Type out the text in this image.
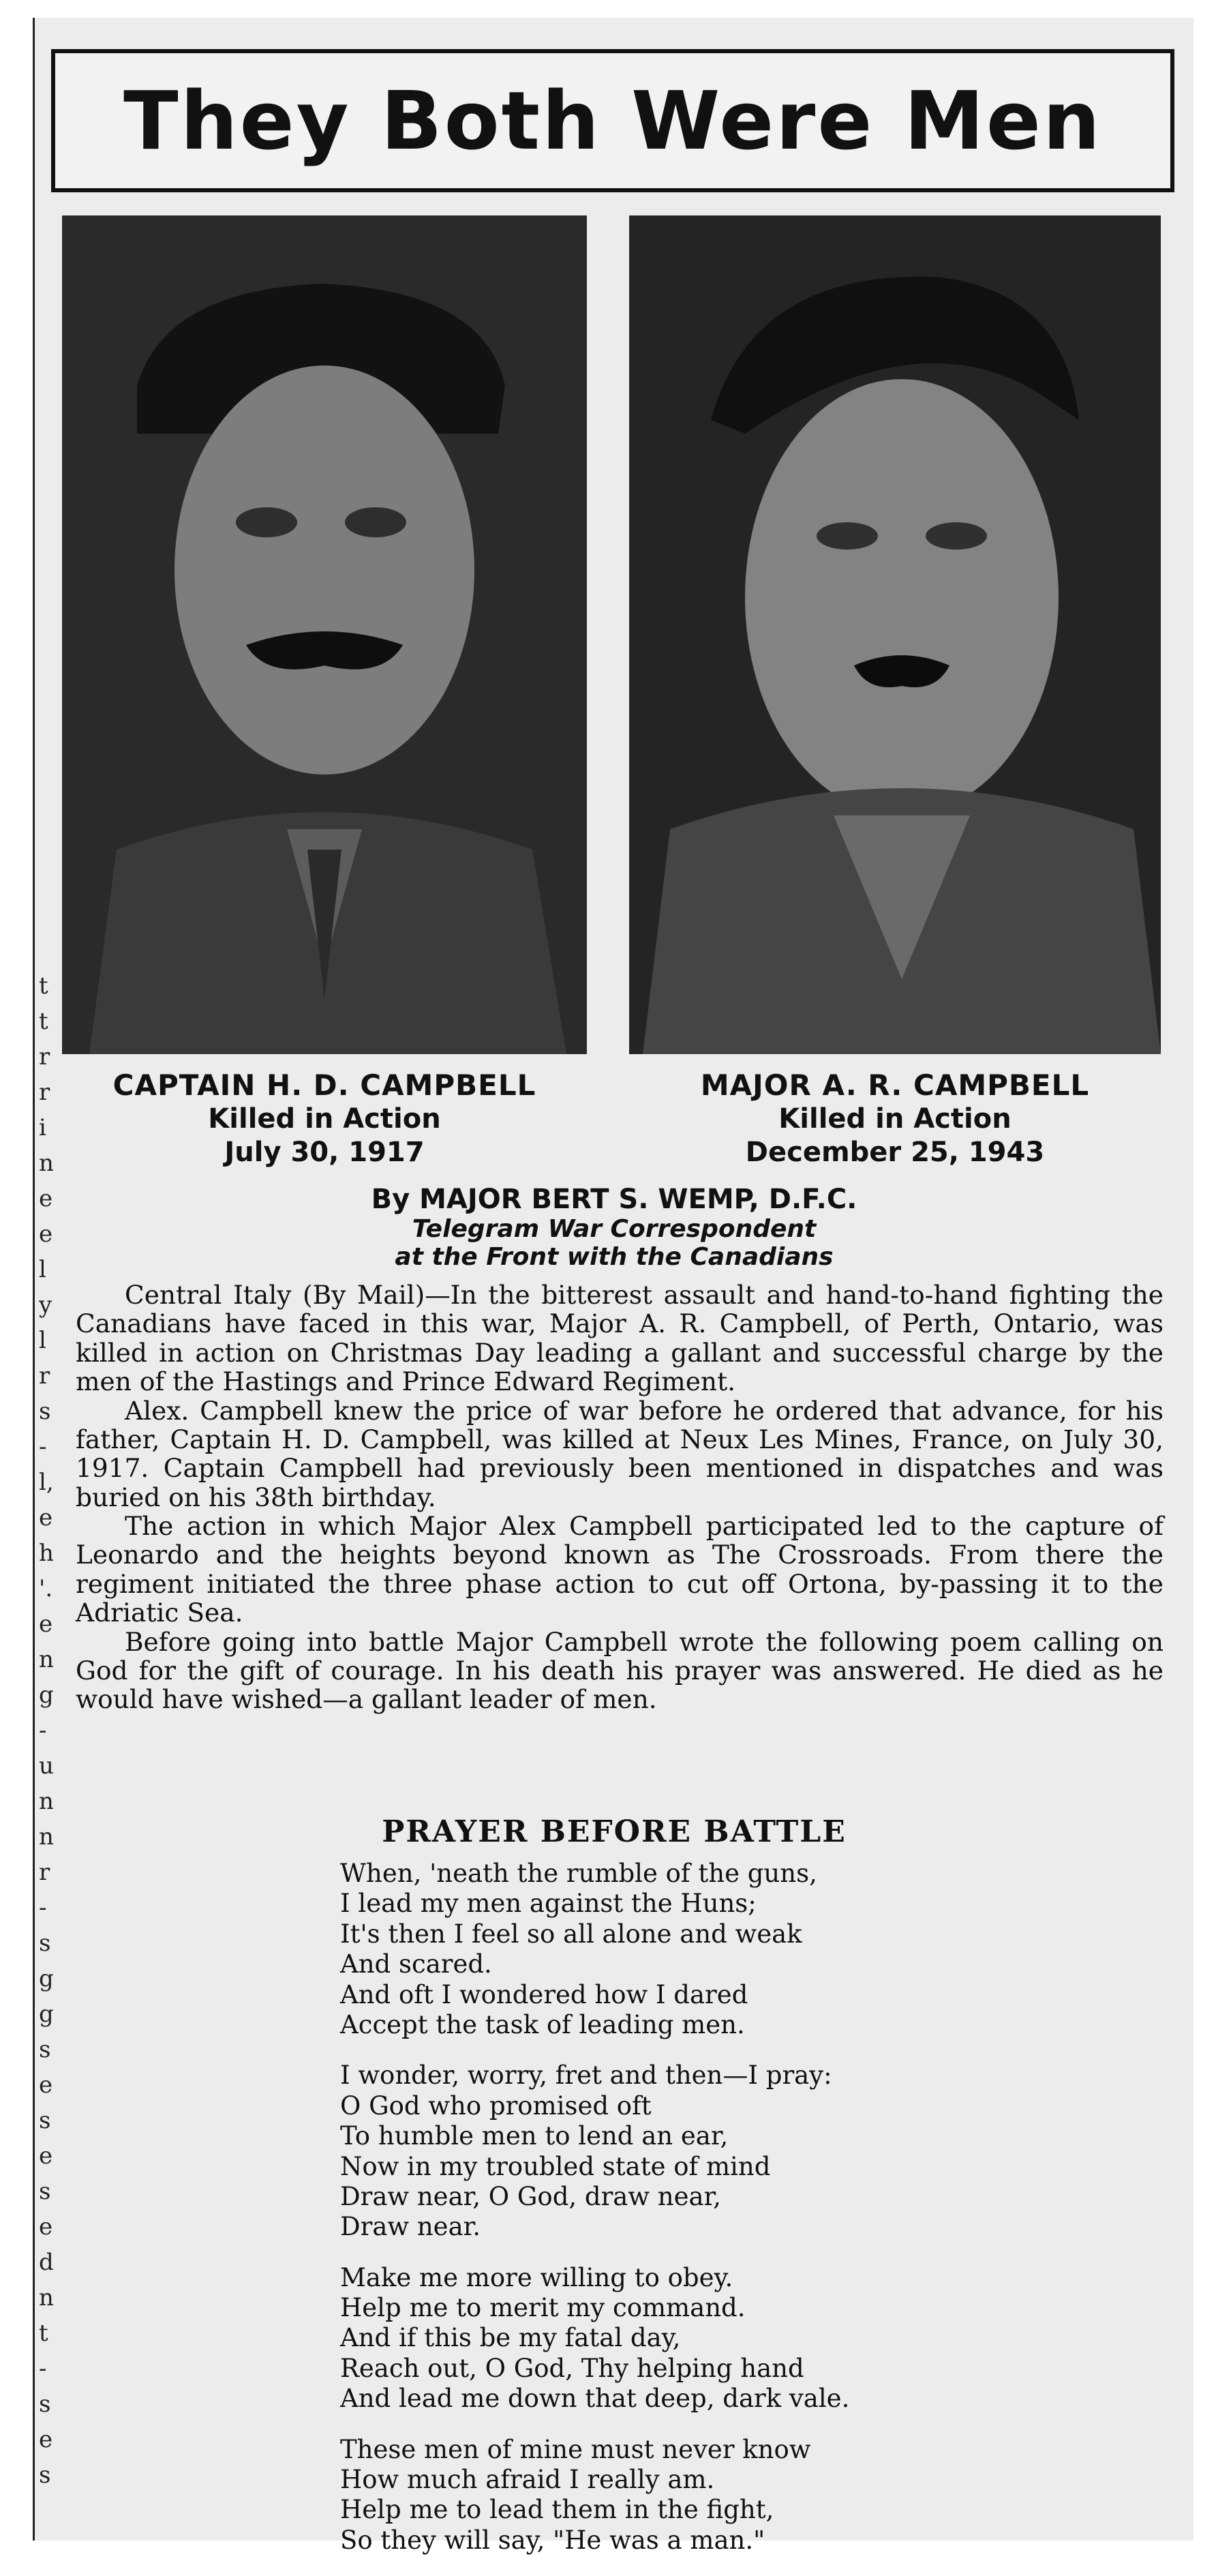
t
t
r
r
i
n
e
e
l
y
l
r
s
-
l,
e
h
'.
e
n
g
-
u
n
n
r
-
s
g
g
s
e
s
e
s
e
d
n
t
-
s
e
s
They Both Were Men
CAPTAIN H. D. CAMPBELL
Killed in Action
July 30, 1917
MAJOR A. R. CAMPBELL
Killed in Action
December 25, 1943
By MAJOR BERT S. WEMP, D.F.C.
Telegram War Correspondent
at the Front with the Canadians

Central Italy (By Mail)—In the bitterest assault and hand-to-hand fighting the Canadians have faced in this war, Major A. R. Campbell, of Perth, Ontario, was killed in action on Christmas Day leading a gallant and successful charge by the men of the Hastings and Prince Edward Regiment.

Alex. Campbell knew the price of war before he ordered that advance, for his father, Captain H. D. Campbell, was killed at Neux Les Mines, France, on July 30, 1917. Captain Campbell had previously been mentioned in dispatches and was buried on his 38th birthday.

The action in which Major Alex Campbell participated led to the capture of Leonardo and the heights beyond known as The Crossroads. From there the regiment initiated the three phase action to cut off Ortona, by-passing it to the Adriatic Sea.

Before going into battle Major Campbell wrote the following poem calling on God for the gift of courage. In his death his prayer was answered. He died as he would have wished—a gallant leader of men.

PRAYER BEFORE BATTLE
When, 'neath the rumble of the guns,
I lead my men against the Huns;
It's then I feel so all alone and weak
And scared.
And oft I wondered how I dared
Accept the task of leading men.
I wonder, worry, fret and then—I pray:
O God who promised oft
To humble men to lend an ear,
Now in my troubled state of mind
Draw near, O God, draw near,
Draw near.
Make me more willing to obey.
Help me to merit my command.
And if this be my fatal day,
Reach out, O God, Thy helping hand
And lead me down that deep, dark vale.
These men of mine must never know
How much afraid I really am.
Help me to lead them in the fight,
So they will say, "He was a man."
